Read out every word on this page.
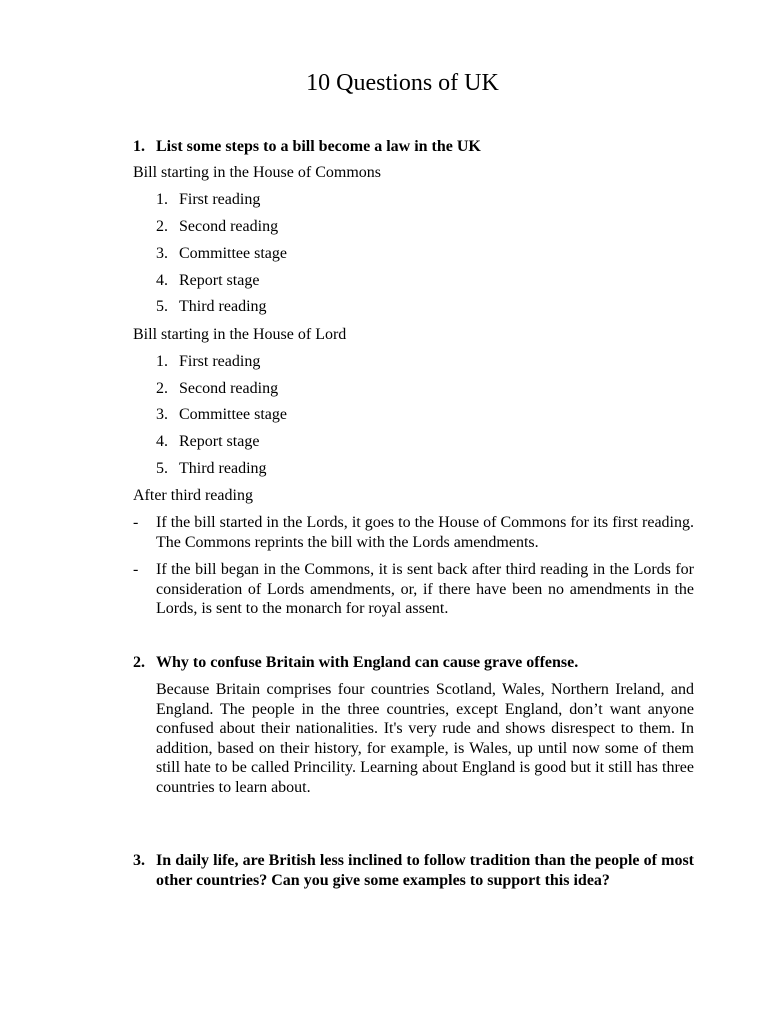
10 Questions of UK
1. List some steps to a bill become a law in the UK
Bill starting in the House of Commons
1. First reading
2. Second reading
3. Committee stage
4. Report stage
5. Third reading
Bill starting in the House of Lord
1. First reading
2. Second reading
3. Committee stage
4. Report stage
5. Third reading
After third reading
- If the bill started in the Lords, it goes to the House of Commons for its first reading. The Commons reprints the bill with the Lords amendments.
- If the bill began in the Commons, it is sent back after third reading in the Lords for consideration of Lords amendments, or, if there have been no amendments in the Lords, is sent to the monarch for royal assent.
2. Why to confuse Britain with England can cause grave offense.
Because Britain comprises four countries Scotland, Wales, Northern Ireland, and England. The people in the three countries, except England, don’t want anyone confused about their nationalities. It's very rude and shows disrespect to them. In addition, based on their history, for example, is Wales, up until now some of them still hate to be called Princility. Learning about England is good but it still has three countries to learn about.
3. In daily life, are British less inclined to follow tradition than the people of most other countries? Can you give some examples to support this idea?
